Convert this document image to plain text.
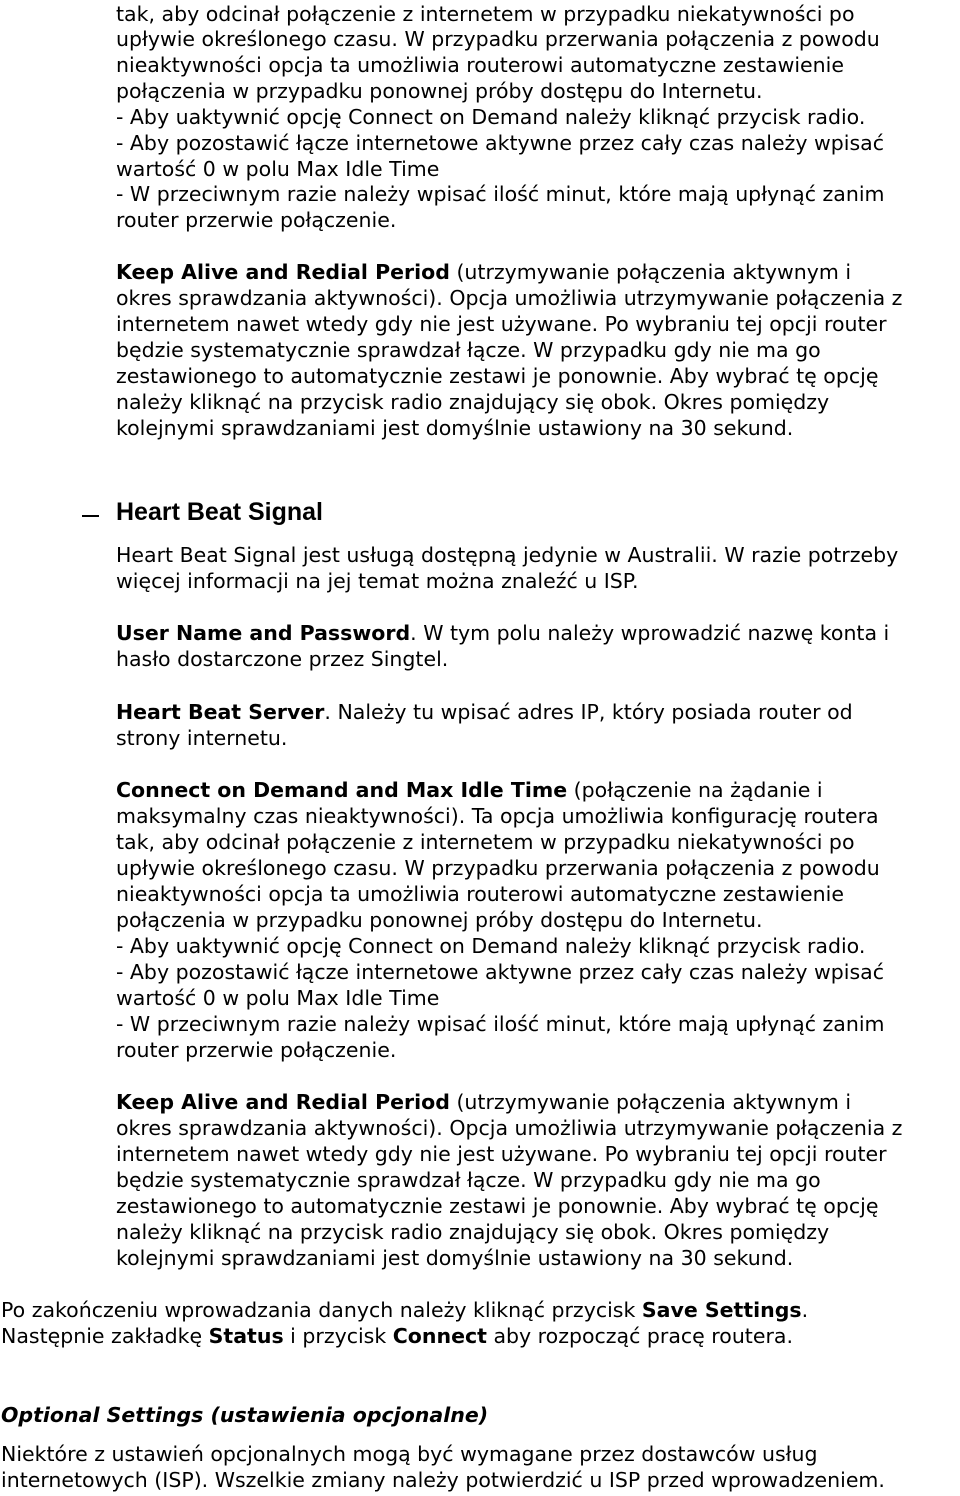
tak, aby odcinał połączenie z internetem w przypadku niekatywności po
upływie określonego czasu. W przypadku przerwania połączenia z powodu
nieaktywności opcja ta umożliwia routerowi automatyczne zestawienie
połączenia w przypadku ponownej próby dostępu do Internetu.
- Aby uaktywnić opcję Connect on Demand należy kliknąć przycisk radio.
- Aby pozostawić łącze internetowe aktywne przez cały czas należy wpisać
wartość 0 w polu Max Idle Time
- W przeciwnym razie należy wpisać ilość minut, które mają upłynąć zanim
router przerwie połączenie.
Keep Alive and Redial Period (utrzymywanie połączenia aktywnym i
okres sprawdzania aktywności). Opcja umożliwia utrzymywanie połączenia z
internetem nawet wtedy gdy nie jest używane. Po wybraniu tej opcji router
będzie systematycznie sprawdzał łącze. W przypadku gdy nie ma go
zestawionego to automatycznie zestawi je ponownie. Aby wybrać tę opcję
należy kliknąć na przycisk radio znajdujący się obok. Okres pomiędzy
kolejnymi sprawdzaniami jest domyślnie ustawiony na 30 sekund.
Heart Beat Signal
Heart Beat Signal jest usługą dostępną jedynie w Australii. W razie potrzeby
więcej informacji na jej temat można znaleźć u ISP.
User Name and Password. W tym polu należy wprowadzić nazwę konta i
hasło dostarczone przez Singtel.
Heart Beat Server. Należy tu wpisać adres IP, który posiada router od
strony internetu.
Connect on Demand and Max Idle Time (połączenie na żądanie i
maksymalny czas nieaktywności). Ta opcja umożliwia konfigurację routera
tak, aby odcinał połączenie z internetem w przypadku niekatywności po
upływie określonego czasu. W przypadku przerwania połączenia z powodu
nieaktywności opcja ta umożliwia routerowi automatyczne zestawienie
połączenia w przypadku ponownej próby dostępu do Internetu.
- Aby uaktywnić opcję Connect on Demand należy kliknąć przycisk radio.
- Aby pozostawić łącze internetowe aktywne przez cały czas należy wpisać
wartość 0 w polu Max Idle Time
- W przeciwnym razie należy wpisać ilość minut, które mają upłynąć zanim
router przerwie połączenie.
Keep Alive and Redial Period (utrzymywanie połączenia aktywnym i
okres sprawdzania aktywności). Opcja umożliwia utrzymywanie połączenia z
internetem nawet wtedy gdy nie jest używane. Po wybraniu tej opcji router
będzie systematycznie sprawdzał łącze. W przypadku gdy nie ma go
zestawionego to automatycznie zestawi je ponownie. Aby wybrać tę opcję
należy kliknąć na przycisk radio znajdujący się obok. Okres pomiędzy
kolejnymi sprawdzaniami jest domyślnie ustawiony na 30 sekund.
Po zakończeniu wprowadzania danych należy kliknąć przycisk Save Settings.
Następnie zakładkę Status i przycisk Connect aby rozpocząć pracę routera.
Optional Settings (ustawienia opcjonalne)
Niektóre z ustawień opcjonalnych mogą być wymagane przez dostawców usług
internetowych (ISP). Wszelkie zmiany należy potwierdzić u ISP przed wprowadzeniem.
